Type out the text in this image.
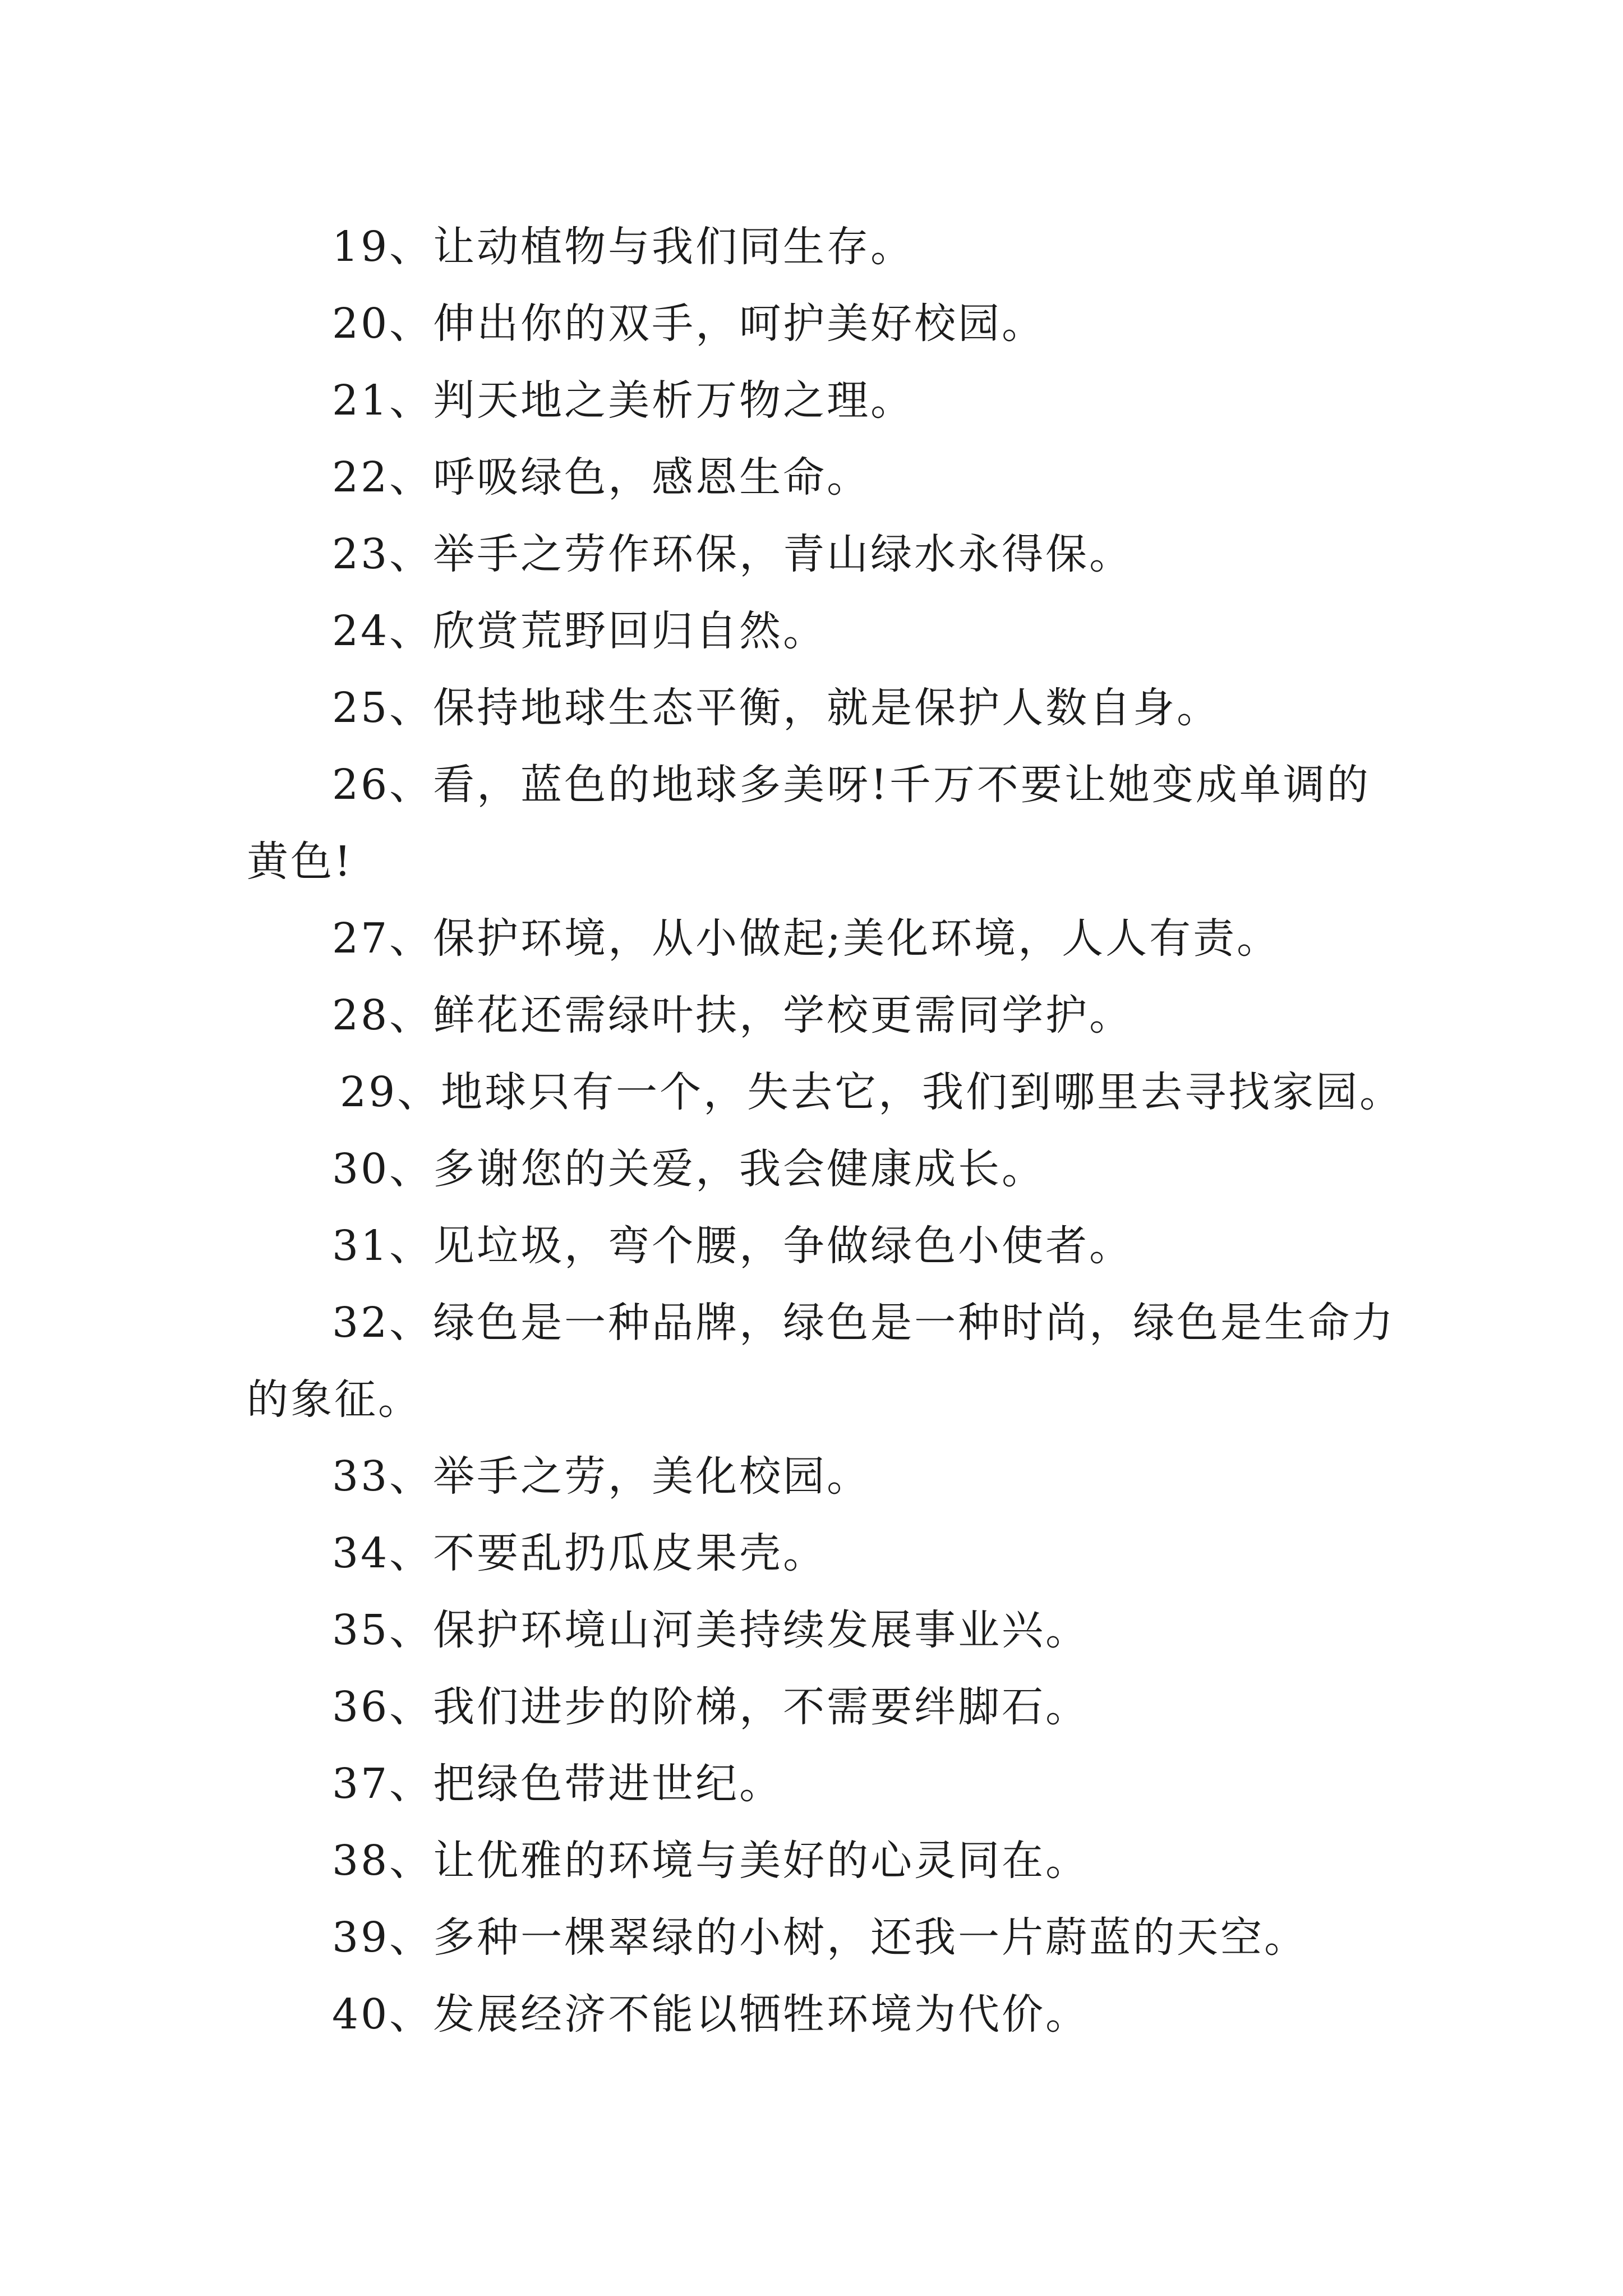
19、让动植物与我们同生存。
20、伸出你的双手，呵护美好校园。
21、判天地之美析万物之理。
22、呼吸绿色，感恩生命。
23、举手之劳作环保，青山绿水永得保。
24、欣赏荒野回归自然。
25、保持地球生态平衡，就是保护人数自身。
26、看，蓝色的地球多美呀!千万不要让她变成单调的
黄色!
27、保护环境，从小做起;美化环境，人人有责。
28、鲜花还需绿叶扶，学校更需同学护。
29、地球只有一个，失去它，我们到哪里去寻找家园。
30、多谢您的关爱，我会健康成长。
31、见垃圾，弯个腰，争做绿色小使者。
32、绿色是一种品牌，绿色是一种时尚，绿色是生命力
的象征。
33、举手之劳，美化校园。
34、不要乱扔瓜皮果壳。
35、保护环境山河美持续发展事业兴。
36、我们进步的阶梯，不需要绊脚石。
37、把绿色带进世纪。
38、让优雅的环境与美好的心灵同在。
39、多种一棵翠绿的小树，还我一片蔚蓝的天空。
40、发展经济不能以牺牲环境为代价。
